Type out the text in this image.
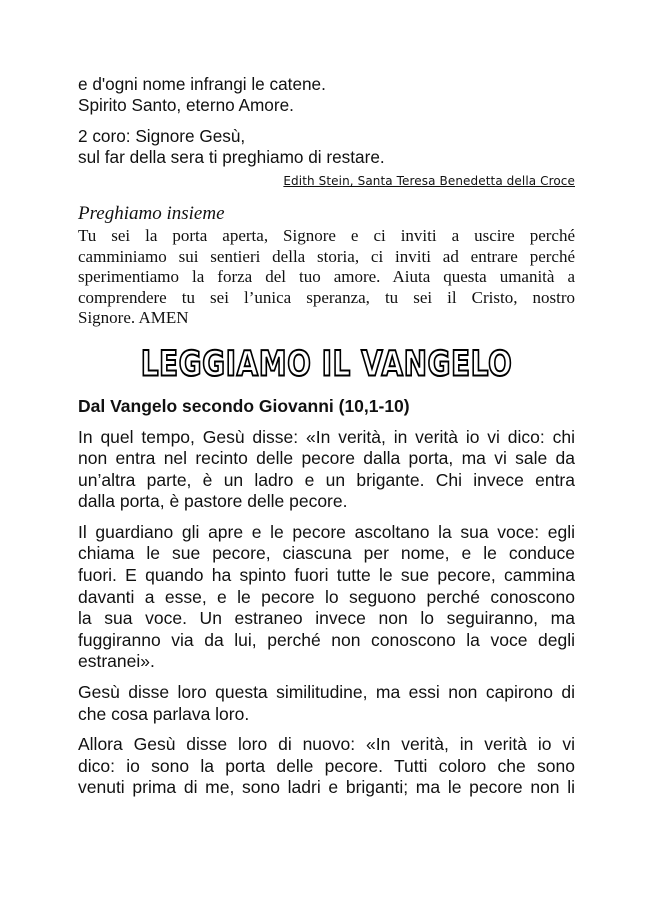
e d'ogni nome infrangi le catene.
Spirito Santo, eterno Amore.
2 coro: Signore Gesù,
sul far della sera ti preghiamo di restare.
Edith Stein, Santa Teresa Benedetta della Croce
Preghiamo insieme
Tu sei la porta aperta, Signore e ci inviti a uscire perché
camminiamo sui sentieri della storia, ci inviti ad entrare perché
sperimentiamo la forza del tuo amore. Aiuta questa umanità a
comprendere tu sei l’unica speranza, tu sei il Cristo, nostro
Signore. AMEN
LEGGIAMO IL VANGELO
Dal Vangelo secondo Giovanni (10,1-10)
In quel tempo, Gesù disse: «In verità, in verità io vi dico: chi
non entra nel recinto delle pecore dalla porta, ma vi sale da
un’altra parte, è un ladro e un brigante. Chi invece entra
dalla porta, è pastore delle pecore.
Il guardiano gli apre e le pecore ascoltano la sua voce: egli
chiama le sue pecore, ciascuna per nome, e le conduce
fuori. E quando ha spinto fuori tutte le sue pecore, cammina
davanti a esse, e le pecore lo seguono perché conoscono
la sua voce. Un estraneo invece non lo seguiranno, ma
fuggiranno via da lui, perché non conoscono la voce degli
estranei».
Gesù disse loro questa similitudine, ma essi non capirono di
che cosa parlava loro.
Allora Gesù disse loro di nuovo: «In verità, in verità io vi
dico: io sono la porta delle pecore. Tutti coloro che sono
venuti prima di me, sono ladri e briganti; ma le pecore non li
